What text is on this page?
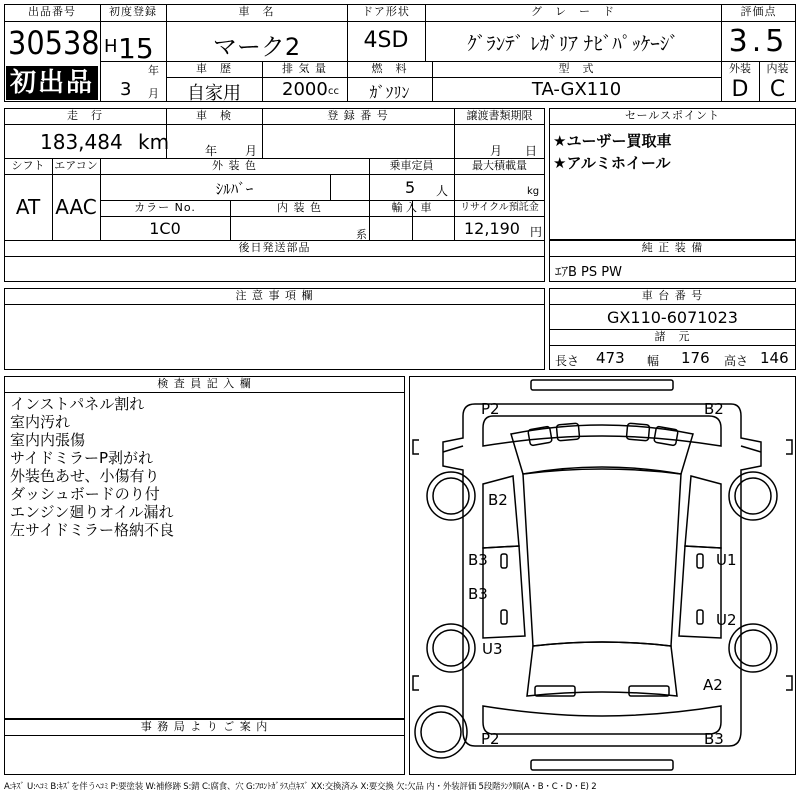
出品番号
30538
初出品
初度登録
H 15
年
3 月
車　名
マーク2
ドア形状
4SD
グ　レ　ー　ド
ｸﾞﾗﾝﾃﾞ ﾚｶﾞﾘｱ ﾅﾋﾞﾊﾟｯｹｰｼﾞ
評価点
3.5
車　歴
自家用
排 気 量
2000 cc
燃　料
ｶﾞｿﾘﾝ
型　式
TA-GX110
外装
D
内装
C
走　行
183,484 km
車　検
年 月
登 録 番 号	譲渡書類期限
月 日
シフト
AT
エアコン
AAC
外 装 色
ｼﾙﾊﾞｰ
乗車定員
5 人
最大積載量
kg
カラー No.
1C0
内 装 色
系
輸 入 車	リサイクル預託金
12,190 円
後日発送部品
セールスポイント
★ユーザー買取車
★アルミホイール
純 正 装 備
ｴｱB PS PW
注 意 事 項 欄	車 台 番 号
GX110-6071023
諸　元
長さ 473 幅 176 高さ 146
検 査 員 記 入 欄
インストパネル割れ
室内汚れ
室内内張傷
サイドミラーP剥がれ
外装色あせ、小傷有り
ダッシュボードのり付
エンジン廻りオイル漏れ
左サイドミラー格納不良
事 務 局 よ り ご 案 内
P2	B2
B2
B3
B3
U3
U1
U2
A2
P2	B3
A:ｷｽﾞ U:ﾍｺﾐ B:ｷｽﾞを伴うﾍｺﾐ P:要塗装 W:補修跡 S:錆 C:腐食、穴 G:ﾌﾛﾝﾄｶﾞﾗｽ点ｷｽﾞ XX:交換済み X:要交換 欠:欠品 内・外装評価 5段階ﾗﾝｸ順(A・B・C・D・E) 2
